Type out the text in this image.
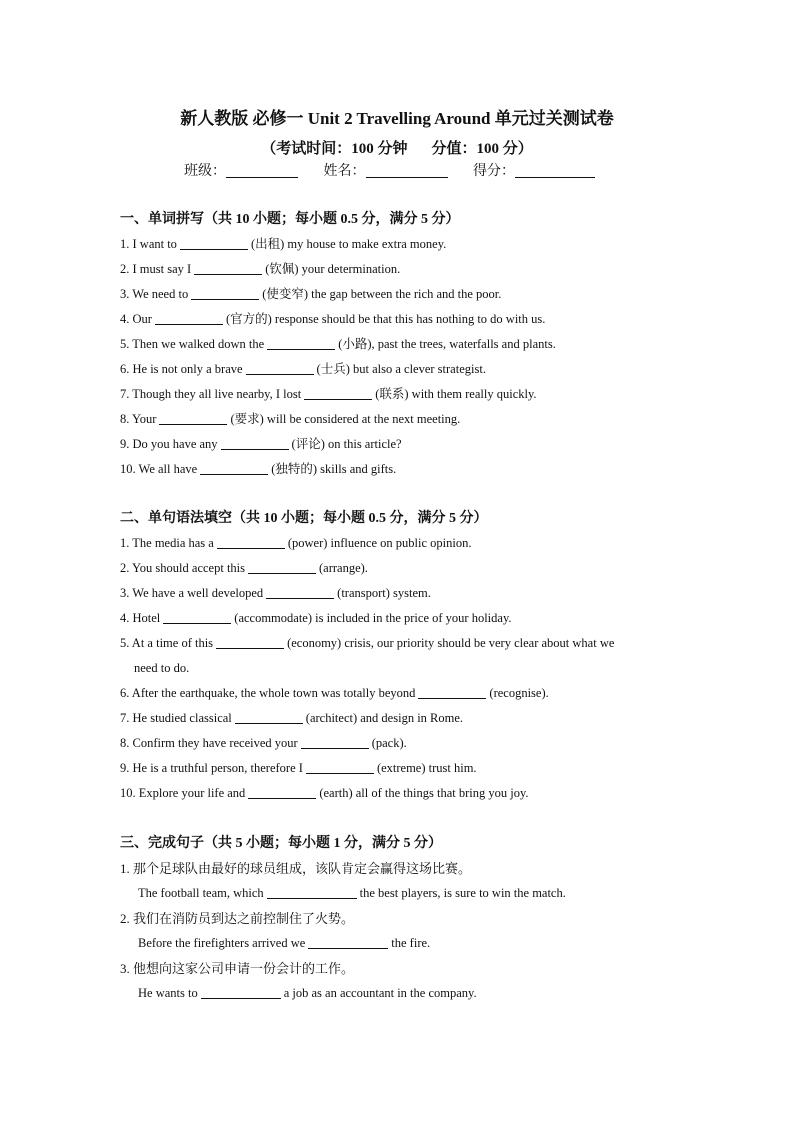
新人教版 必修一 Unit 2 Travelling Around 单元过关测试卷
（考试时间：100 分钟 分值：100 分）
班级：	姓名：	得分：
一、单词拼写（共 10 小题；每小题 0.5 分，满分 5 分）
1. I want to	(出租) my house to make extra money.
2. I must say I	(钦佩) your determination.
3. We need to	(使变窄) the gap between the rich and the poor.
4. Our	(官方的) response should be that this has nothing to do with us.
5. Then we walked down the	(小路), past the trees, waterfalls and plants.
6. He is not only a brave	(士兵) but also a clever strategist.
7. Though they all live nearby, I lost	(联系) with them really quickly.
8. Your	(要求) will be considered at the next meeting.
9. Do you have any	(评论) on this article?
10. We all have	(独特的) skills and gifts.
二、单句语法填空（共 10 小题；每小题 0.5 分，满分 5 分）
1. The media has a	(power) influence on public opinion.
2. You should accept this	(arrange).
3. We have a well developed	(transport) system.
4. Hotel	(accommodate) is included in the price of your holiday.
5. At a time of this	(economy) crisis, our priority should be very clear about what we
need to do.
6. After the earthquake, the whole town was totally beyond	(recognise).
7. He studied classical	(architect) and design in Rome.
8. Confirm they have received your	(pack).
9. He is a truthful person, therefore I	(extreme) trust him.
10. Explore your life and	(earth) all of the things that bring you joy.
三、完成句子（共 5 小题；每小题 1 分，满分 5 分）
1. 那个足球队由最好的球员组成，该队肯定会赢得这场比赛。
The football team, which	the best players, is sure to win the match.
2. 我们在消防员到达之前控制住了火势。
Before the firefighters arrived we	the fire.
3. 他想向这家公司申请一份会计的工作。
He wants to	a job as an accountant in the company.
